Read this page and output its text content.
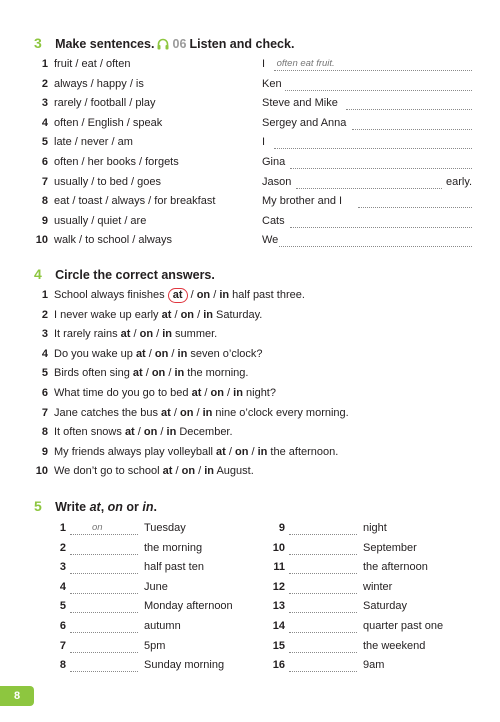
3 Make sentences. 06 Listen and check.
1 fruit / eat / often	I often eat fruit.
2 always / happy / is	Ken
3 rarely / football / play	Steve and Mike
4 often / English / speak	Sergey and Anna
5 late / never / am	I
6 often / her books / forgets	Gina
7 usually / to bed / goes	Jason	early.
8 eat / toast / always / for breakfast	My brother and I
9 usually / quiet / are	Cats
10 walk / to school / always	We
4 Circle the correct answers.
1 School always finishes at / on / in half past three.
2 I never wake up early at / on / in Saturday.
3 It rarely rains at / on / in summer.
4 Do you wake up at / on / in seven o’clock?
5 Birds often sing at / on / in the morning.
6 What time do you go to bed at / on / in night?
7 Jane catches the bus at / on / in nine o’clock every morning.
8 It often snows at / on / in December.
9 My friends always play volleyball at / on / in the afternoon.
10 We don’t go to school at / on / in August.
5 Write at, on or in.
1	on	Tuesday
2	the morning
3	half past ten
4	June
5	Monday afternoon
6	autumn
7	5pm
8	Sunday morning
9	night
10	September
11	the afternoon
12	winter
13	Saturday
14	quarter past one
15	the weekend
16	9am
8
